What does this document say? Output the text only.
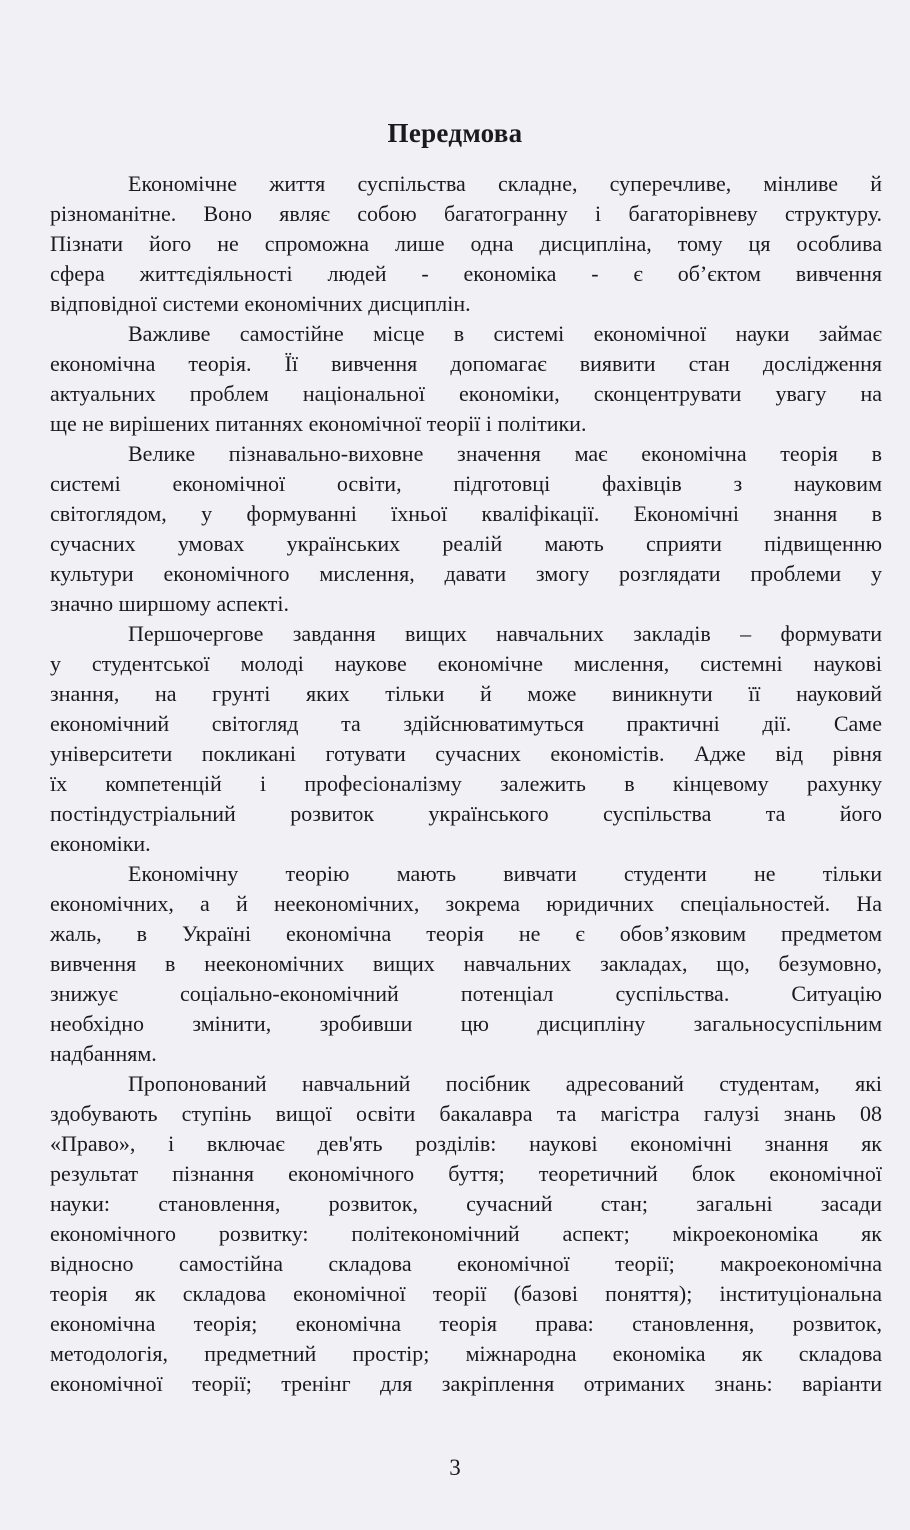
Передмова
Економічне життя суспільства складне, суперечливе, мінливе й
різноманітне. Воно являє собою багатогранну і багаторівневу структуру.
Пізнати його не спроможна лише одна дисципліна, тому ця особлива
сфера життєдіяльності людей - економіка - є об’єктом вивчення
відповідної системи економічних дисциплін.
Важливе самостійне місце в системі економічної науки займає
економічна теорія. Її вивчення допомагає виявити стан дослідження
актуальних проблем національної економіки, сконцентрувати увагу на
ще не вирішених питаннях економічної теорії і політики.
Велике пізнавально-виховне значення має економічна теорія в
системі економічної освіти, підготовці фахівців з науковим
світоглядом, у формуванні їхньої кваліфікації. Економічні знання в
сучасних умовах українських реалій мають сприяти підвищенню
культури економічного мислення, давати змогу розглядати проблеми у
значно ширшому аспекті.
Першочергове завдання вищих навчальних закладів – формувати
у студентської молоді наукове економічне мислення, системні наукові
знання, на грунті яких тільки й може виникнути її науковий
економічний світогляд та здійснюватимуться практичні дії. Саме
університети покликані готувати сучасних економістів. Адже від рівня
їх компетенцій і професіоналізму залежить в кінцевому рахунку
постіндустріальний розвиток українського суспільства та його
економіки.
Економічну теорію мають вивчати студенти не тільки
економічних, а й неекономічних, зокрема юридичних спеціальностей. На
жаль, в Україні економічна теорія не є обов’язковим предметом
вивчення в неекономічних вищих навчальних закладах, що, безумовно,
знижує соціально-економічний потенціал суспільства. Ситуацію
необхідно змінити, зробивши цю дисципліну загальносуспільним
надбанням.
Пропонований навчальний посібник адресований студентам, які
здобувають ступінь вищої освіти бакалавра та магістра галузі знань 08
«Право», і включає дев'ять розділів: наукові економічні знання як
результат пізнання економічного буття; теоретичний блок економічної
науки: становлення, розвиток, сучасний стан; загальні засади
економічного розвитку: політекономічний аспект; мікроекономіка як
відносно самостійна складова економічної теорії; макроекономічна
теорія як складова економічної теорії (базові поняття); інституціональна
економічна теорія; економічна теорія права: становлення, розвиток,
методологія, предметний простір; міжнародна економіка як складова
економічної теорії; тренінг для закріплення отриманих знань: варіанти
3
